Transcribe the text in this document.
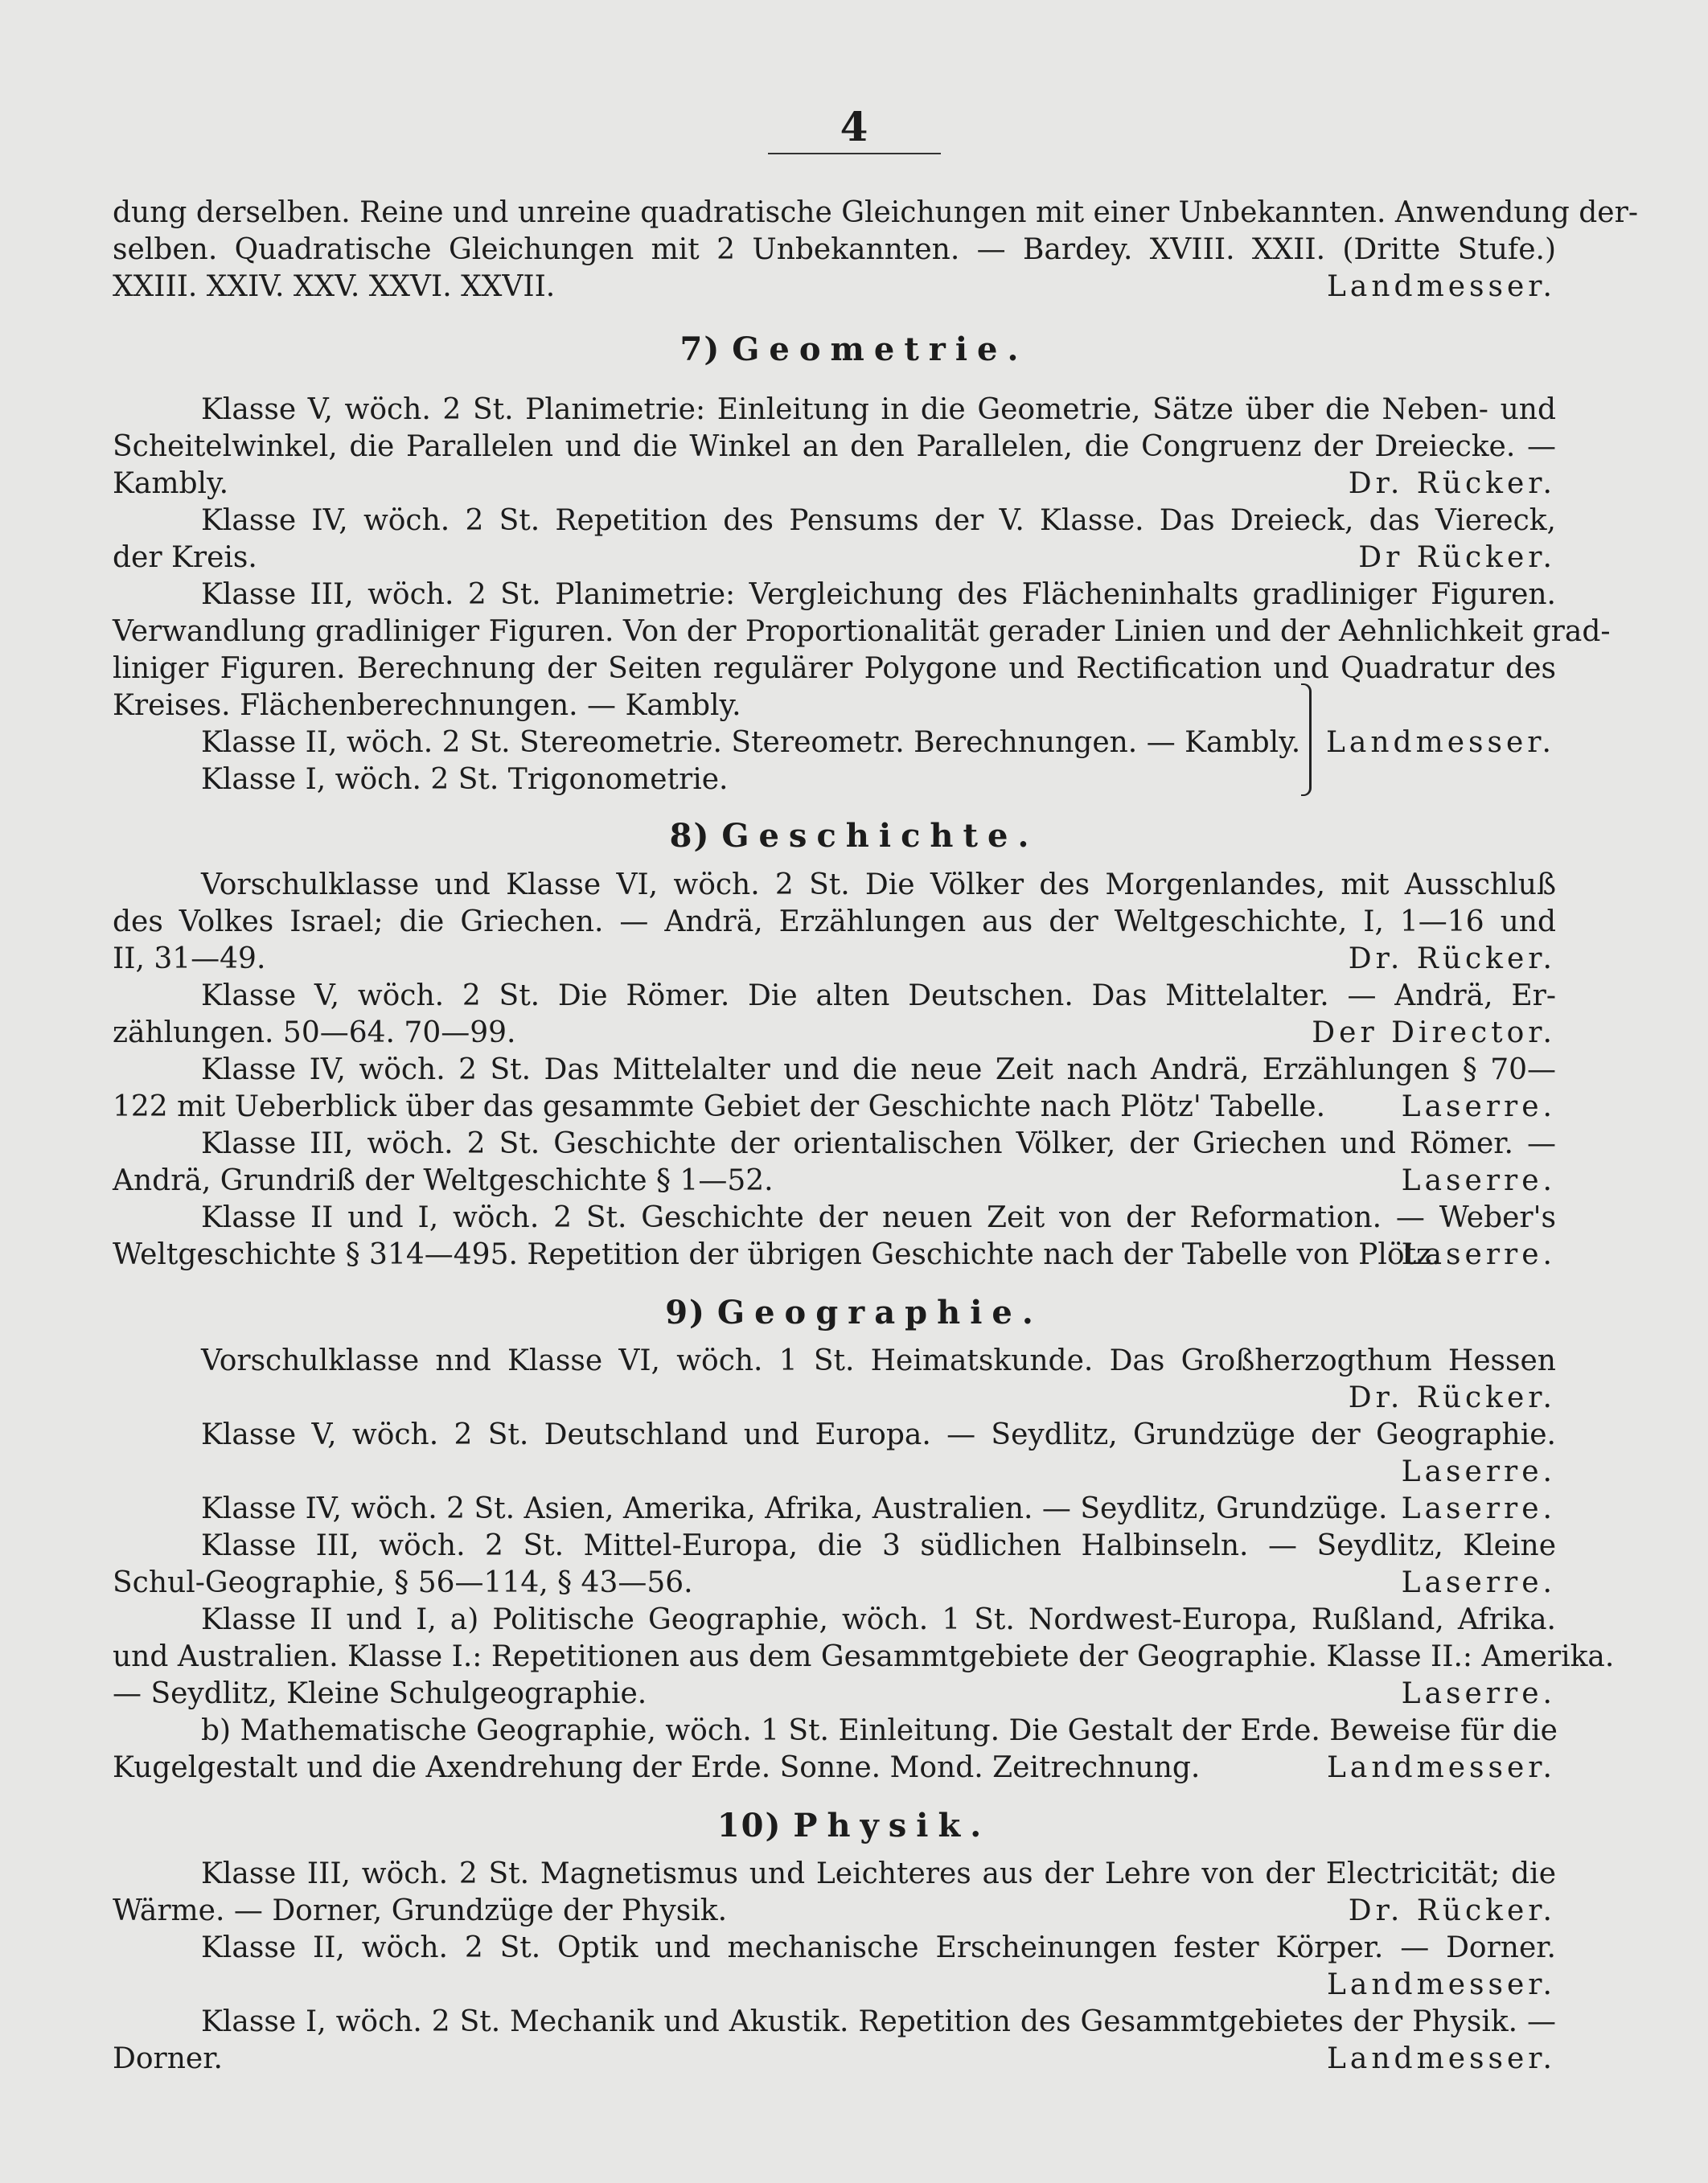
4
dung derselben. Reine und unreine quadratische Gleichungen mit einer Unbekannten. Anwendung der-
selben. Quadratische Gleichungen mit 2 Unbekannten. — Bardey. XVIII. XXII. (Dritte Stufe.)
XXIII. XXIV. XXV. XXVI. XXVII.	Landmesser.
7) Geometrie.
Klasse V, wöch. 2 St. Planimetrie: Einleitung in die Geometrie, Sätze über die Neben- und
Scheitelwinkel, die Parallelen und die Winkel an den Parallelen, die Congruenz der Dreiecke. —
Kambly.	Dr. Rücker.
Klasse IV, wöch. 2 St. Repetition des Pensums der V. Klasse. Das Dreieck, das Viereck,
der Kreis.	Dr Rücker.
Klasse III, wöch. 2 St. Planimetrie: Vergleichung des Flächeninhalts gradliniger Figuren.
Verwandlung gradliniger Figuren. Von der Proportionalität gerader Linien und der Aehnlichkeit grad-
liniger Figuren. Berechnung der Seiten regulärer Polygone und Rectification und Quadratur des
Kreises. Flächenberechnungen. — Kambly.
Klasse II, wöch. 2 St. Stereometrie. Stereometr. Berechnungen. — Kambly.
Klasse I, wöch. 2 St. Trigonometrie.
Landmesser.
8) Geschichte.
Vorschulklasse und Klasse VI, wöch. 2 St. Die Völker des Morgenlandes, mit Ausschluß
des Volkes Israel; die Griechen. — Andrä, Erzählungen aus der Weltgeschichte, I, 1—16 und
II, 31—49.	Dr. Rücker.
Klasse V, wöch. 2 St. Die Römer. Die alten Deutschen. Das Mittelalter. — Andrä, Er-
zählungen. 50—64. 70—99.	Der Director.
Klasse IV, wöch. 2 St. Das Mittelalter und die neue Zeit nach Andrä, Erzählungen § 70—
122 mit Ueberblick über das gesammte Gebiet der Geschichte nach Plötz' Tabelle.	Laserre.
Klasse III, wöch. 2 St. Geschichte der orientalischen Völker, der Griechen und Römer. —
Andrä, Grundriß der Weltgeschichte § 1—52.	Laserre.
Klasse II und I, wöch. 2 St. Geschichte der neuen Zeit von der Reformation. — Weber's
Weltgeschichte § 314—495. Repetition der übrigen Geschichte nach der Tabelle von Plötz.
Laserre.
9) Geographie.
Vorschulklasse nnd Klasse VI, wöch. 1 St. Heimatskunde. Das Großherzogthum Hessen
Dr. Rücker.
Klasse V, wöch. 2 St. Deutschland und Europa. — Seydlitz, Grundzüge der Geographie.
Laserre.
Klasse IV, wöch. 2 St. Asien, Amerika, Afrika, Australien. — Seydlitz, Grundzüge. Laserre.
Klasse III, wöch. 2 St. Mittel-Europa, die 3 südlichen Halbinseln. — Seydlitz, Kleine
Schul-Geographie, § 56—114, § 43—56.	Laserre.
Klasse II und I, a) Politische Geographie, wöch. 1 St. Nordwest-Europa, Rußland, Afrika.
und Australien. Klasse I.: Repetitionen aus dem Gesammtgebiete der Geographie. Klasse II.: Amerika.
— Seydlitz, Kleine Schulgeographie.	Laserre.
b) Mathematische Geographie, wöch. 1 St. Einleitung. Die Gestalt der Erde. Beweise für die
Kugelgestalt und die Axendrehung der Erde. Sonne. Mond. Zeitrechnung.	Landmesser.
10) Physik.
Klasse III, wöch. 2 St. Magnetismus und Leichteres aus der Lehre von der Electricität; die
Wärme. — Dorner, Grundzüge der Physik.	Dr. Rücker.
Klasse II, wöch. 2 St. Optik und mechanische Erscheinungen fester Körper. — Dorner.
Landmesser.
Klasse I, wöch. 2 St. Mechanik und Akustik. Repetition des Gesammtgebietes der Physik. —
Dorner.	Landmesser.
